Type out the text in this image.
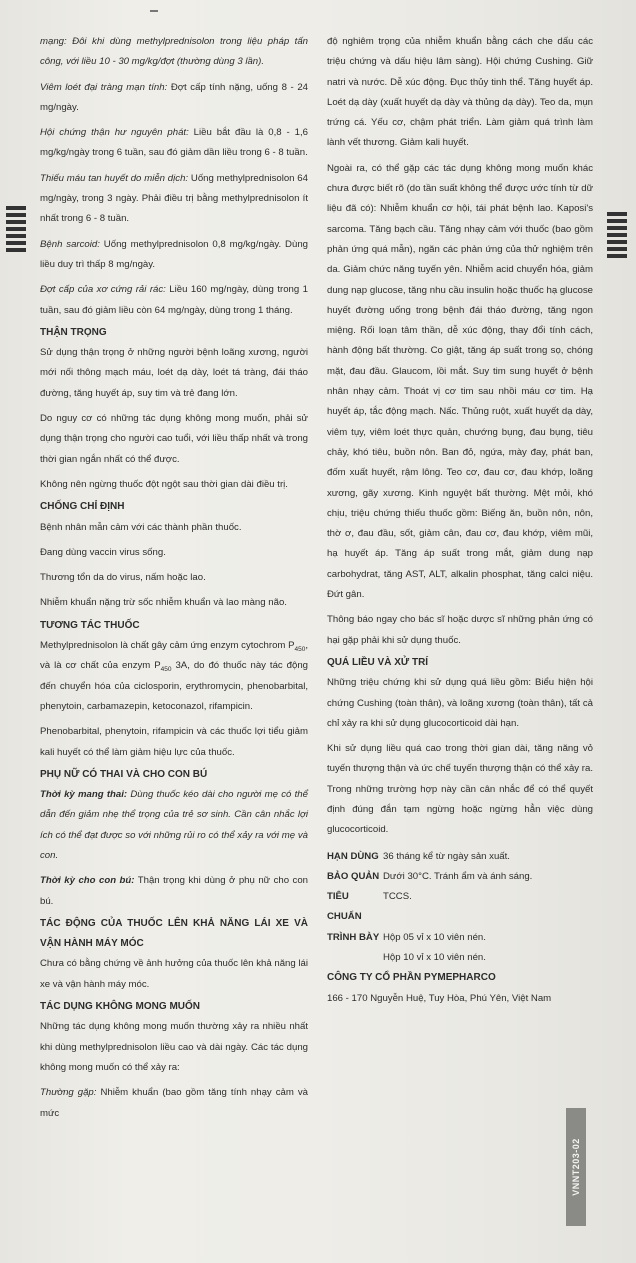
mạng: Đôi khi dùng methylprednisolon trong liệu pháp tấn công, với liều 10 - 30 mg/kg/đợt (thường dùng 3 lần).

Viêm loét đại tràng mạn tính: Đợt cấp tính nặng, uống 8 - 24 mg/ngày.

Hội chứng thận hư nguyên phát: Liều bắt đầu là 0,8 - 1,6 mg/kg/ngày trong 6 tuần, sau đó giảm dần liều trong 6 - 8 tuần.

Thiếu máu tan huyết do miễn dịch: Uống methylprednisolon 64 mg/ngày, trong 3 ngày. Phải điều trị bằng methylprednisolon ít nhất trong 6 - 8 tuần.

Bệnh sarcoid: Uống methylprednisolon 0,8 mg/kg/ngày. Dùng liều duy trì thấp 8 mg/ngày.

Đợt cấp của xơ cứng rải rác: Liều 160 mg/ngày, dùng trong 1 tuần, sau đó giảm liều còn 64 mg/ngày, dùng trong 1 tháng.

THẬN TRỌNG

Sử dụng thận trọng ở những người bệnh loãng xương, người mới nối thông mạch máu, loét dạ dày, loét tá tràng, đái tháo đường, tăng huyết áp, suy tim và trẻ đang lớn.

Do nguy cơ có những tác dụng không mong muốn, phải sử dụng thận trọng cho người cao tuổi, với liều thấp nhất và trong thời gian ngắn nhất có thể được.

Không nên ngừng thuốc đột ngột sau thời gian dài điều trị.

CHỐNG CHỈ ĐỊNH

Bệnh nhân mẫn cảm với các thành phần thuốc.

Đang dùng vaccin virus sống.

Thương tổn da do virus, nấm hoặc lao.

Nhiễm khuẩn nặng trừ sốc nhiễm khuẩn và lao màng não.

TƯƠNG TÁC THUỐC

Methylprednisolon là chất gây cảm ứng enzym cytochrom $P_{450}$, và là cơ chất của enzym $P_{450}$ 3A, do đó thuốc này tác động đến chuyển hóa của ciclosporin, erythromycin, phenobarbital, phenytoin, carbamazepin, ketoconazol, rifampicin.

Phenobarbital, phenytoin, rifampicin và các thuốc lợi tiểu giảm kali huyết có thể làm giảm hiệu lực của thuốc.

PHỤ NỮ CÓ THAI VÀ CHO CON BÚ

Thời kỳ mang thai: Dùng thuốc kéo dài cho người mẹ có thể dẫn đến giảm nhẹ thể trọng của trẻ sơ sinh. Cần cân nhắc lợi ích có thể đạt được so với những rủi ro có thể xảy ra với mẹ và con.

Thời kỳ cho con bú: Thận trọng khi dùng ở phụ nữ cho con bú.

TÁC ĐỘNG CỦA THUỐC LÊN KHẢ NĂNG LÁI XE VÀ VẬN HÀNH MÁY MÓC

Chưa có bằng chứng về ảnh hưởng của thuốc lên khả năng lái xe và vận hành máy móc.

TÁC DỤNG KHÔNG MONG MUỐN

Những tác dụng không mong muốn thường xảy ra nhiều nhất khi dùng methylprednisolon liều cao và dài ngày. Các tác dụng không mong muốn có thể xảy ra:

Thường gặp: Nhiễm khuẩn (bao gồm tăng tính nhạy cảm và mức

độ nghiêm trọng của nhiễm khuẩn bằng cách che dấu các triệu chứng và dấu hiệu lâm sàng). Hội chứng Cushing. Giữ natri và nước. Dễ xúc động. Đục thủy tinh thể. Tăng huyết áp. Loét dạ dày (xuất huyết dạ dày và thủng dạ dày). Teo da, mụn trứng cá. Yếu cơ, chậm phát triển. Làm giảm quá trình làm lành vết thương. Giảm kali huyết.

Ngoài ra, có thể gặp các tác dụng không mong muốn khác chưa được biết rõ (do tần suất không thể được ước tính từ dữ liệu đã có): Nhiễm khuẩn cơ hội, tái phát bệnh lao. Kaposi's sarcoma. Tăng bạch cầu. Tăng nhạy cảm với thuốc (bao gồm phản ứng quá mẫn), ngăn các phản ứng của thử nghiệm trên da. Giảm chức năng tuyến yên. Nhiễm acid chuyển hóa, giảm dung nạp glucose, tăng nhu cầu insulin hoặc thuốc hạ glucose huyết đường uống trong bệnh đái tháo đường, tăng ngon miệng. Rối loạn tâm thần, dễ xúc động, thay đổi tính cách, hành động bất thường. Co giật, tăng áp suất trong sọ, chóng mặt, đau đầu. Glaucom, lồi mắt. Suy tim sung huyết ở bệnh nhân nhạy cảm. Thoát vị cơ tim sau nhồi máu cơ tim. Hạ huyết áp, tắc động mạch. Nấc. Thủng ruột, xuất huyết dạ dày, viêm tụy, viêm loét thực quản, chướng bụng, đau bụng, tiêu chảy, khó tiêu, buồn nôn. Ban đỏ, ngứa, mày đay, phát ban, đốm xuất huyết, rậm lông. Teo cơ, đau cơ, đau khớp, loãng xương, gãy xương. Kinh nguyệt bất thường. Mệt mỏi, khó chịu, triệu chứng thiếu thuốc gồm: Biếng ăn, buồn nôn, nôn, thờ ơ, đau đầu, sốt, giảm cân, đau cơ, đau khớp, viêm mũi, hạ huyết áp. Tăng áp suất trong mắt, giảm dung nạp carbohydrat, tăng AST, ALT, alkalin phosphat, tăng calci niệu. Đứt gân.

Thông báo ngay cho bác sĩ hoặc dược sĩ những phản ứng có hại gặp phải khi sử dụng thuốc.

QUÁ LIỀU VÀ XỬ TRÍ

Những triệu chứng khi sử dụng quá liều gồm: Biểu hiện hội chứng Cushing (toàn thân), và loãng xương (toàn thân), tất cả chỉ xảy ra khi sử dụng glucocorticoid dài hạn.

Khi sử dụng liều quá cao trong thời gian dài, tăng năng vỏ tuyến thượng thận và ức chế tuyến thượng thận có thể xảy ra. Trong những trường hợp này cần cân nhắc để có thể quyết định đúng đắn tạm ngừng hoặc ngừng hẳn việc dùng glucocorticoid.

HẠN DÙNG 36 tháng kể từ ngày sản xuất.
BẢO QUẢN Dưới 30°C. Tránh ẩm và ánh sáng.
TIÊU CHUẨN
TCCS.
TRÌNH BÀY Hộp 05 vỉ x 10 viên nén.
Hộp 10 vỉ x 10 viên nén.

CÔNG TY CỔ PHẦN PYMEPHARCO

166 - 170 Nguyễn Huệ, Tuy Hòa, Phú Yên, Việt Nam

VNNT203-02
